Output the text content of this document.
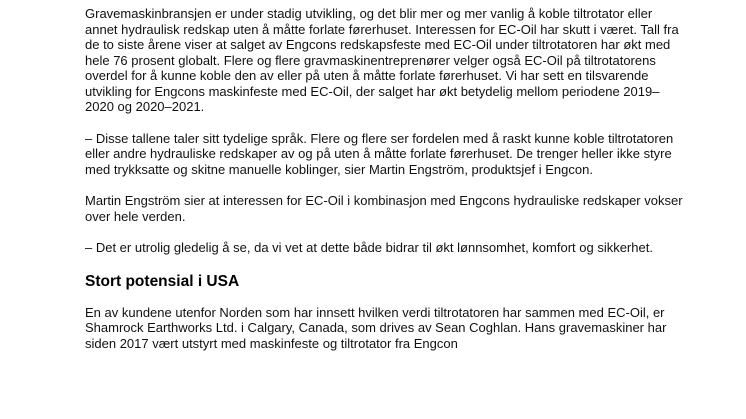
Gravemaskinbransjen er under stadig utvikling, og det blir mer og mer vanlig å koble tiltrotator eller annet hydraulisk redskap uten å måtte forlate førerhuset. Interessen for EC-Oil har skutt i været. Tall fra de to siste årene viser at salget av Engcons redskapsfeste med EC-Oil under tiltrotatoren har økt med hele 76 prosent globalt. Flere og flere gravmaskinentreprenører velger også EC-Oil på tiltrotatorens overdel for å kunne koble den av eller på uten å måtte forlate førerhuset. Vi har sett en tilsvarende utvikling for Engcons maskinfeste med EC-Oil, der salget har økt betydelig mellom periodene 2019–2020 og 2020–2021.

– Disse tallene taler sitt tydelige språk. Flere og flere ser fordelen med å raskt kunne koble tiltrotatoren eller andre hydrauliske redskaper av og på uten å måtte forlate førerhuset. De trenger heller ikke styre med trykksatte og skitne manuelle koblinger, sier Martin Engström, produktsjef i Engcon.

Martin Engström sier at interessen for EC-Oil i kombinasjon med Engcons hydrauliske redskaper vokser over hele verden.

– Det er utrolig gledelig å se, da vi vet at dette både bidrar til økt lønnsomhet, komfort og sikkerhet.

Stort potensial i USA

En av kundene utenfor Norden som har innsett hvilken verdi tiltrotatoren har sammen med EC-Oil, er Shamrock Earthworks Ltd. i Calgary, Canada, som drives av Sean Coghlan. Hans gravemaskiner har siden 2017 vært utstyrt med maskinfeste og tiltrotator fra Engcon
